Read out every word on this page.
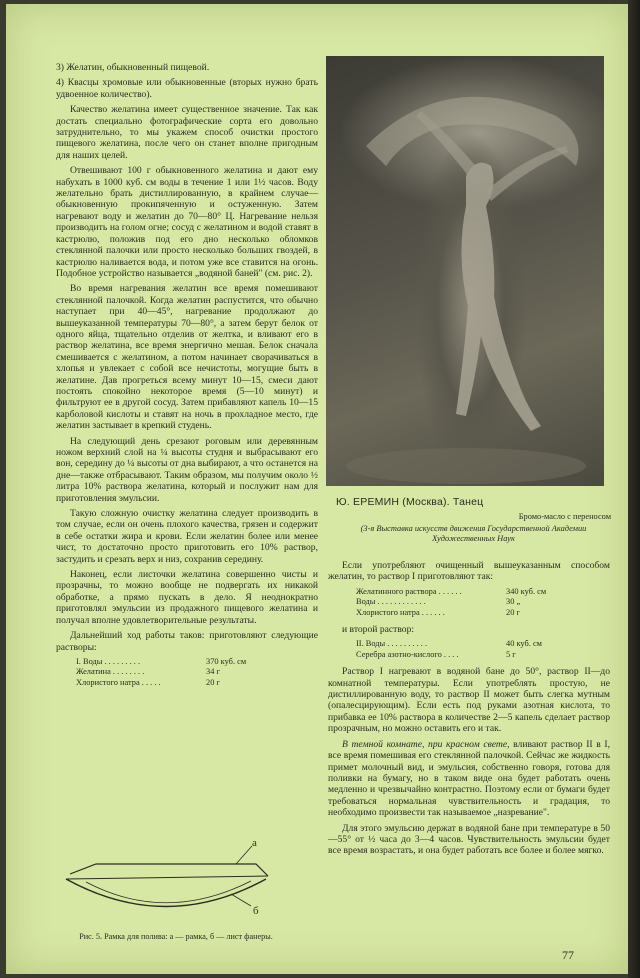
3) Желатин, обыкновенный пищевой.

4) Квасцы хромовые или обыкновенные (вторых нужно брать удвоенное количество).

Качество желатина имеет существенное значение. Так как достать специально фотографические сорта его довольно затруднительно, то мы укажем способ очистки простого пищевого желатина, после чего он станет вполне пригодным для наших целей.

Отвешивают 100 г обыкновенного желатина и дают ему набухать в 1000 куб. см воды в течение 1 или 1½ часов. Воду желательно брать дистиллированную, в крайнем случае—обыкновенную прокипяченную и остуженную. Затем нагревают воду и желатин до 70—80° Ц. Нагревание нельзя производить на голом огне; сосуд с желатином и водой ставят в кастрюлю, положив под его дно несколько обломков стеклянной палочки или просто несколько больших гвоздей, в кастрюлю наливается вода, и потом уже все ставится на огонь. Подобное устройство называется „водяной баней" (см. рис. 2).

Во время нагревания желатин все время помешивают стеклянной палочкой. Когда желатин распустится, что обычно наступает при 40—45°, нагревание продолжают до вышеуказанной температуры 70—80°, а затем берут белок от одного яйца, тщательно отделив от желтка, и вливают его в раствор желатина, все время энергично мешая. Белок сначала смешивается с желатином, а потом начинает сворачиваться в хлопья и увлекает с собой все нечистоты, могущие быть в желатине. Дав прогреться всему минут 10—15, смеси дают постоять спокойно некоторое время (5—10 минут) и фильтруют ее в другой сосуд. Затем прибавляют капель 10—15 карболовой кислоты и ставят на ночь в прохладное место, где желатин застывает в крепкий студень.

На следующий день срезают роговым или деревянным ножом верхний слой на ¼ высоты студня и выбрасывают его вон, середину до ¼ высоты от дна выбирают, а что останется на дне—также отбрасывают. Таким образом, мы получим около ½ литра 10% раствора желатина, который и послужит нам для приготовления эмульсии.

Такую сложную очистку желатина следует производить в том случае, если он очень плохого качества, грязен и содержит в себе остатки жира и крови. Если желатин более или менее чист, то достаточно просто приготовить его 10% раствор, застудить и срезать верх и низ, сохранив середину.

Наконец, если листочки желатина совершенно чисты и прозрачны, то можно вообще не подвергать их никакой обработке, а прямо пускать в дело. Я неоднократно приготовлял эмульсии из продажного пищевого желатина и получал вполне удовлетворительные результаты.

Дальнейший ход работы таков: приготовляют следующие растворы:

I. Воды . . . . . . . . .	370 куб. см
Желатина . . . . . . . .	34 г
Хлористого натра . . . . .	20 г
Ю. ЕРЕМИН (Москва). Танец
Бромо-масло с переносом
(3-я Выставка искусств движения Государственной Академии Художественных Наук

Если употребляют очищенный вышеуказанным способом желатин, то раствор I приготовляют так:

Желатинного раствора . . . . . .	340 куб. см
Воды . . . . . . . . . . . .	30 „
Хлористого натра . . . . . .	20 г

и второй раствор:

II. Воды . . . . . . . . . .	40 куб. см
Серебра азотно-кислого . . . .	5 г

Раствор I нагревают в водяной бане до 50°, раствор II—до комнатной температуры. Если употреблять простую, не дистиллированную воду, то раствор II может быть слегка мутным (опалесцирующим). Если есть под руками азотная кислота, то прибавка ее 10% раствора в количестве 2—5 капель сделает раствор прозрачным, но можно оставить его и так.

В темной комнате, при красном свете, вливают раствор II в I, все время помешивая его стеклянной палочкой. Сейчас же жидкость примет молочный вид, и эмульсия, собственно говоря, готова для поливки на бумагу, но в таком виде она будет работать очень медленно и чрезвычайно контрастно. Поэтому если от бумаги будет требоваться нормальная чувствительность и градация, то необходимо произвести так называемое „назревание".

Для этого эмульсию держат в водяной бане при температуре в 50—55° от ½ часа до 3—4 часов. Чувствительность эмульсии будет все время возрастать, и она будет работать все более и более мягко.

а
б
Рис. 5. Рамка для полива: а — рамка, б — лист фанеры.
77
